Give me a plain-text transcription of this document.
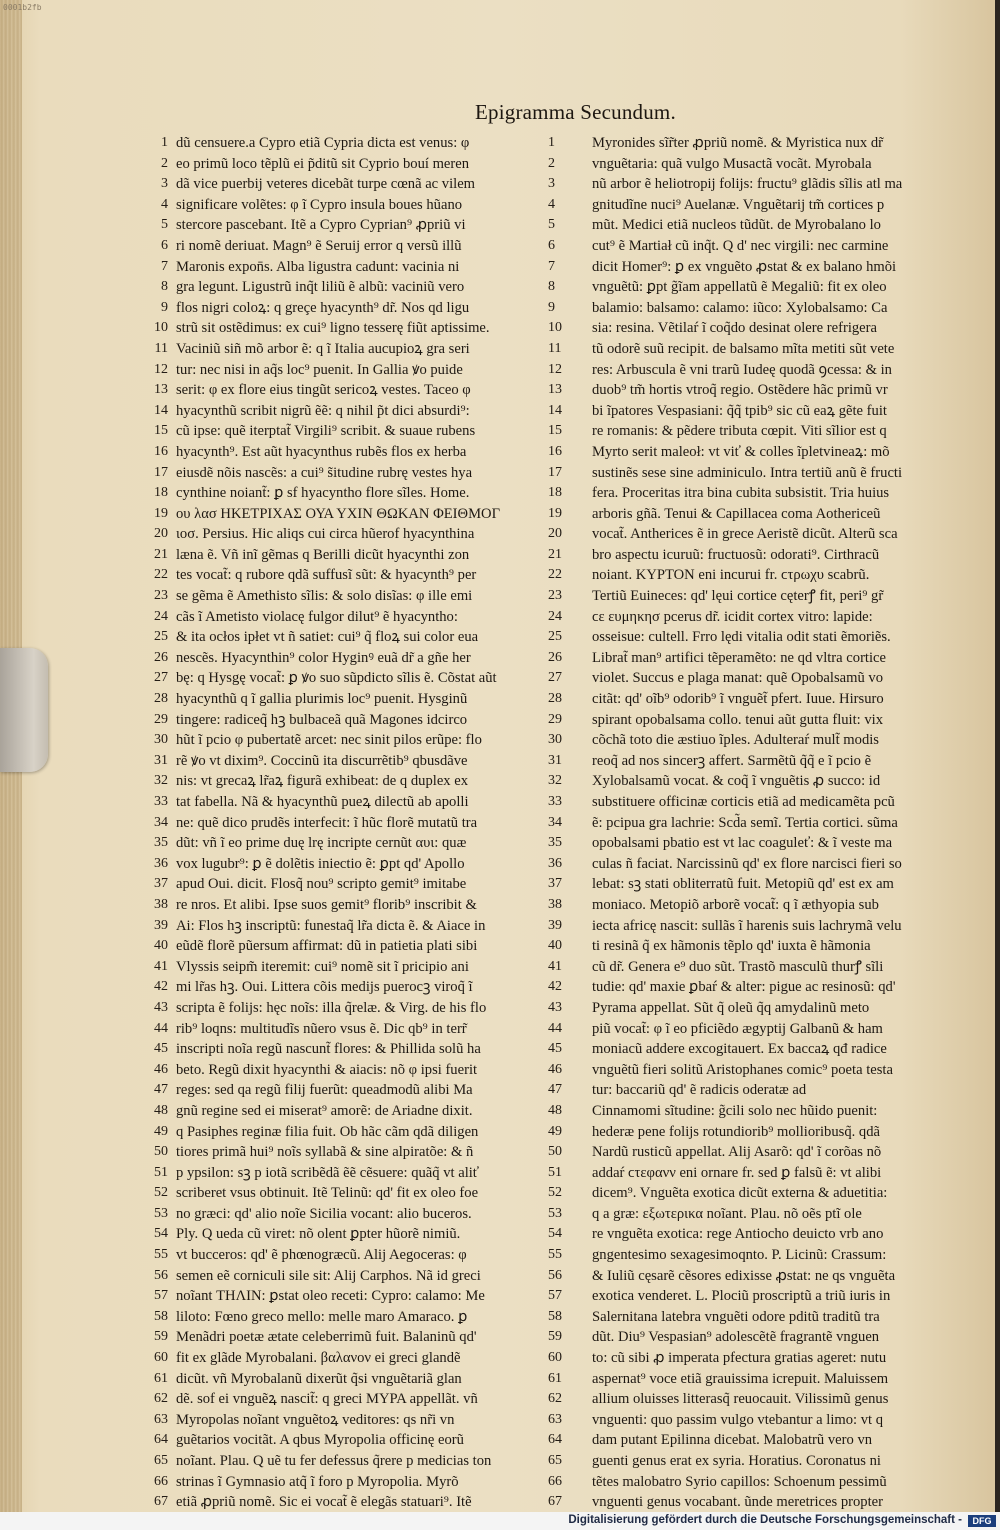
0001b2fb
Epigramma Secundum.
1 dũ censuere.a Cypro etiã Cypria dicta est venus: φ
2 eo primũ loco tẽplũ ei p̃ditũ sit Cyprio bouí meren
3 dã vice puerbij veteres dicebãt turpe cœnã ac vilem
4 significare volẽtes: φ ĩ Cypro insula boues hũano
5 stercore pascebant. Itẽ a Cypro Cyprian⁹ ꝓpriũ vi
6 ri nomẽ deriuat. Magn⁹ ẽ Seruij error q versũ illũ
7 Maronis expon̄s. Alba ligustra cadunt: vacinia ni
8 gra legunt. Ligustrũ inq̃t liliũ ẽ albũ: vaciniũ vero
9 flos nigri coloꝝ: q greçe hyacynth⁹ dr̃. Nos qd ligu
10 strũ sit ostẽdimus: ex cui⁹ ligno tesserę fiũt aptissime.
11 Vaciniũ siñ mõ arbor ẽ: q ĩ Italia aucupioꝝ gra seri
12 tur: nec nisi in aq̃s loc⁹ puenit. In Gallia ꝟo puide
13 serit: φ ex flore eius tingũt sericoꝝ vestes. Taceo φ
14 hyacynthũ scribit nigrũ ẽẽ: q nihil p̃t dici absurdi⁹:
15 cũ ipse: quẽ iterptat̃ Virgili⁹ scribit. & suaue rubens
16 hyacynth⁹. Est aũt hyacynthus rubẽs flos ex herba
17 eiusdẽ nõis nascẽs: a cui⁹ s̃itudine rubrę vestes hya
18 cynthine noiant̃: ꝑ sf hyacyntho flore sĩles. Home.
19 ου λασ ΗΚΕΤΡΙΧΑΣ ΟΥΑ ΥΧΙΝ ΘΩΚΑΝ ΦΕΙΘΜΟΓ
20 ιοσ. Persius. Hic aliqs cui circa hũerof hyacynthina
21 læna ẽ. Vñ inĩ gẽmas q Berilli dicũt hyacynthi zon
22 tes vocat̃: q rubore qdã suffusĩ sũt: & hyacynth⁹ per
23 se gẽma ẽ Amethisto sĩlis: & solo disĩas: φ ille emi
24 cãs ĩ Ametisto violacę fulgor dilut⁹ ẽ hyacyntho:
25 & ita ocłos ipłet vt ñ satiet: cui⁹ q̃ floꝝ sui color eua
26 nescẽs. Hyacynthin⁹ color Hyginꝰ euã dr̃ a gñe her
27 bę: q Hysgę vocat̃: ꝑ ꝟo suo sũpdicto sĩlis ẽ. Cõstat aũt
28 hyacynthũ q ĩ gallia plurimis loc⁹ puenit. Hysginũ
29 tingere: radiceq̃ hꝫ bulbaceã quã Magones idcirco
30 hũt ĩ pcio φ pubertatẽ arcet: nec sinit pilos erũpe: flo
31 rẽ ꝟo vt dixim⁹. Coccinũ ita discurrẽtib⁹ qbusdãve
32 nis: vt grecaꝝ lr̃aꝝ figurã exhibeat: de q duplex ex
33 tat fabella. Nã & hyacynthũ pueꝝ dilectũ ab apolli
34 ne: quẽ dico prudẽs interfecit: ĩ hũc florẽ mutatũ tra
35 dũt: vñ ĩ eo prime duę lrę incripte cernũt αυι: quæ
36 vox lugubr⁹: ꝑ ẽ dolẽtis iniectio ẽ: ꝑpt qd' Apollo
37 apud Oui. dicit. Flosq̃ nou⁹ scripto gemit⁹ imitabe
38 re nros. Et alibi. Ipse suos gemit⁹ florib⁹ inscribit &
39 Ai: Flos hꝫ inscriptũ: funestaq̃ lr̃a dicta ẽ. & Aiace in
40 eũdẽ florẽ pũersum affirmat: dũ in patietia plati sibi
41 Vlyssis seipm̃ iteremit: cui⁹ nomẽ sit ĩ pricipio ani
42 mi lr̃as hꝫ. Oui. Littera cõis medijs puerocꝫ viroq̃ ĩ
43 scripta ẽ folijs: hęc noĩs: illa q̃relæ. & Virg. de his flo
44 rib⁹ loqns: multitudĩs nũero vsus ẽ. Dic qb⁹ in terr̃
45 inscripti noĩa regũ nascunt̃ flores: & Phillida solũ ha
46 beto. Regũ dixit hyacynthi & aiacis: nõ φ ipsi fuerit
47 reges: sed qa regũ filij fuerũt: queadmodũ alibi Ma
48 gnũ regine sed ei miserat⁹ amorẽ: de Ariadne dixit.
49 q Pasiphes reginæ filia fuit. Ob hãc cãm qdã diligen
50 tiores primã hui⁹ noĩs syllabã & sine alpiratõe: & ñ
51 p ypsilon: sꝫ p iotã scribẽdã ẽẽ cẽsuere: quãq̃ vt aliť
52 scriberet vsus obtinuit. Itẽ Telinũ: qd' fit ex oleo foe
53 no græci: qd' alio noĩe Sicilia vocant: alio buceros.
54 Ply. Q ueda cũ viret: nõ olent ꝑpter hũorẽ nimiũ.
55 vt bucceros: qd' ẽ phœnogræcũ. Alij Aegoceras: φ
56 semen eẽ corniculi sile sit: Alij Carphos. Nã id greci
57 noĩant ΤΗΛΙΝ: ꝑstat oleo receti: Cypro: calamo: Me
58 liloto: Fœno greco mello: melle maro Amaraco. ꝑ
59 Menãdri poetæ ætate celeberrimũ fuit. Balaninũ qd'
60 fit ex glãde Myrobalani. βαλανον ei greci glandẽ
61 dicũt. vñ Myrobalanũ dixerũt q̃si vnguẽtariã glan
62 dẽ. sof ei vnguẽꝝ nascit̃: q greci ΜΥΡΑ appellãt. vñ
63 Myropolas noĩant vnguẽtoꝝ veditores: qs nr̃i vn
64 guẽtarios vocitãt. A qbus Myropolia officinę eorũ
65 noĩant. Plau. Q uẽ tu fer defessus q̃rere p medicias ton
66 strinas ĩ Gymnasio atq̃ ĩ foro p Myropolia. Myrõ
67 etiã ꝓpriũ nomẽ. Sic ei vocat̃ ẽ elegãs statuari⁹. Itẽ
1	Myronides sĩr̃ter ꝓpriũ nomẽ. & Myristica nux dr̃
2	vnguẽtaria: quã vulgo Musactã vocãt. Myrobala
3	nũ arbor ẽ heliotropij folijs: fructu⁹ glãdis sĩlis atl ma
4	gnitudĩne nuci⁹ Auelanæ. Vnguẽtarij tm̃ cortices p
5	mũt. Medici etiã nucleos tũdũt. de Myrobalano lo
6	cut⁹ ẽ Martiał cũ inq̃t. Q d' nec virgili: nec carmine
7	dicit Homer⁹: ꝑ ex vnguẽto ꝓstat & ex balano hmõi
8	vnguẽtũ: ꝑpt g̃ĩam appellatũ ẽ Megaliũ: fit ex oleo
9	balamio: balsamo: calamo: iũco: Xylobalsamo: Ca
10	sia: resina. Vẽtilaŕ ĩ coq̃do desinat olere refrigera
11	tũ odorẽ suũ recipit. de balsamo mĩta metiti sũt vete
12	res: Arbuscula ẽ vni trarũ Iudeę quodã ꝯcessa: & in
13	duob⁹ tm̃ hortis vtroq̃ regio. Ostẽdere hãc primũ vr
14	bi ĩpatores Vespasiani: q̃q̃ tpib⁹ sic cũ eaꝝ gẽte fuit
15	re romanis: & pẽdere tributa cœpit. Viti sĩlior est q
16	Myrto serit maleoł: vt viť & colles ĩpletvineaꝝ: mõ
17	sustinẽs sese sine adminiculo. Intra tertiũ anũ ẽ fructi
18	fera. Proceritas itra bina cubita subsistit. Tria huius
19	arboris gñã. Tenui & Capillacea coma Aothericeũ
20	vocat̃. Antherices ẽ in grece Aeristẽ dicũt. Alterũ sca
21	bro aspectu icuruũ: fructuosũ: odorati⁹. Cirthracũ
22	noiant. ΚΥΡΤΟΝ eni incurui fr. ϲτρωχυ scabrũ.
23	Tertiũ Euineces: qd' lęui cortice cęterꝭ fit, peri⁹ gr̃
24	ϲε ευμηκησ pcerus dr̃. icidit cortex vitro: lapide:
25	osseisue: cultell. Frro lędi vitalia odit stati ẽmoriẽs.
26	Librat̃ man⁹ artifici tẽperamẽto: ne qd vltra cortice
27	violet. Succus e plaga manat: quẽ Opobalsamũ vo
28	citãt: qd' oĩb⁹ odorib⁹ ĩ vnguẽt̃ pfert. Iuue. Hirsuro
29	spirant opobalsama collo. tenui aũt gutta fluit: vix
30	cõchã toto die æstiuo ĩples. Adulteraŕ mult̃ modis
31	reoq̃ ad nos sincerꝫ affert. Sarmẽtũ q̃q̃ e ĩ pcio ẽ
32	Xylobalsamũ vocat. & coq̃ ĩ vnguẽtis ꝓ succo: id
33	substituere officinæ corticis etiã ad medicamẽta pcũ
34	ẽ: pcipua gra lachrie: Scd̃a semĩ. Tertia cortici. sũma
35	opobalsami pbatio est vt lac coaguleť: & ĩ veste ma
36	culas ñ faciat. Narcissinũ qd' ex flore narcisci fieri so
37	lebat: sꝫ stati obliterratũ fuit. Metopiũ qd' est ex am
38	moniaco. Metopiõ arborẽ vocat̃: q ĩ æthyopia sub
39	iecta africę nascit: sullãs ĩ harenis suis lachrymã velu
40	ti resinã q̃ ex hãmonis tẽplo qd' iuxta ẽ hãmonia
41	cũ dr̃. Genera e⁹ duo sũt. Trastõ masculũ thurꝭ sĩli
42	tudie: qd' maxie ꝑbaŕ & alter: pigue ac resinosũ: qd'
43	Pyrama appellat. Sũt q̃ oleũ q̃q amydalinũ meto
44	piũ vocat̃: φ ĩ eo pficiẽdo ægyptij Galbanũ & ham
45	moniacũ addere excogitauert. Ex baccaꝝ qđ radice
46	vnguẽtũ fieri solitũ Aristophanes comic⁹ poeta testa
47	tur: baccariũ qd' ẽ radicis oderatæ ad
48	Cinnamomi sĩtudine: g̃cili solo nec hũido puenit:
49	hederæ pene folijs rotundiorib⁹ mollioribusq̃. qdã
50	Nardũ rusticũ appellat. Alij Asarõ: qd' ĩ corõas nõ
51	addaŕ ϲτεφανν eni ornare fr. sed ꝑ falsũ ẽ: vt alibi
52	dicem⁹. Vnguẽta exotica dicũt externa & aduetitia:
53	q a græ: εξωτερικα noĩant. Plau. nõ oẽs ptĩ ole
54	re vnguẽta exotica: rege Antiocho deuicto vrb ano
55	gngentesimo sexagesimoqnto. P. Licinũ: Crassum:
56	& Iuliũ cęsarẽ cẽsores edixisse ꝓstat: ne qs vnguẽta
57	exotica venderet. L. Plociũ proscriptũ a triũ iuris in
58	Salernitana latebra vnguẽti odore pditũ traditũ tra
59	dũt. Diu⁹ Vespasian⁹ adolescẽtẽ fragrantẽ vnguen
60	to: cũ sibi ꝓ imperata pfectura gratias ageret: nutu
61	aspernat⁹ voce etiã grauissima icrepuit. Maluissem
62	allium oluisses litterasq̃ reuocauit. Vilissimũ genus
63	vnguenti: quo passim vulgo vtebantur a limo: vt q
64	dam putant Epilinna dicebat. Malobatrũ vero vn
65	guenti genus erat ex syria. Horatius. Coronatus ni
66	tẽtes malobatro Syrio capillos: Schoenum pessimũ
67	vnguenti genus vocabant. ũnde meretrices propter
Digitalisierung gefördert durch die Deutsche Forschungsgemeinschaft -	DFG
